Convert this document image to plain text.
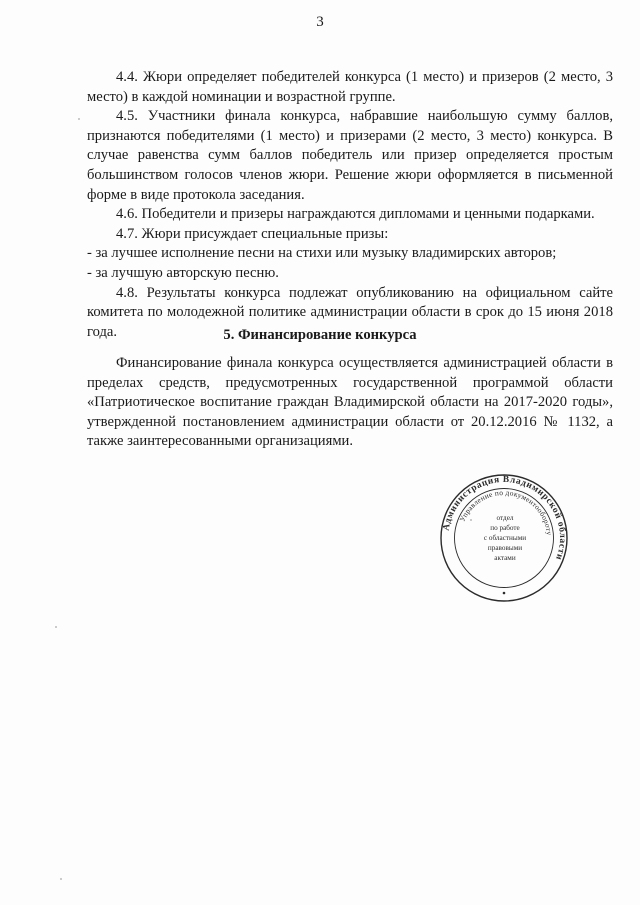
3

4.4. Жюри определяет победителей конкурса (1 место) и призеров (2 место, 3 место) в каждой номинации и возрастной группе.

4.5. Участники финала конкурса, набравшие наибольшую сумму баллов, признаются победителями (1 место) и призерами (2 место, 3 место) конкурса. В случае равенства сумм баллов победитель или призер определяется простым большинством голосов членов жюри. Решение жюри оформляется в письменной форме в виде протокола заседания.

4.6. Победители и призеры награждаются дипломами и ценными подарками.

4.7. Жюри присуждает специальные призы:

- за лучшее исполнение песни на стихи или музыку владимирских авторов;

- за лучшую авторскую песню.

4.8. Результаты конкурса подлежат опубликованию на официальном сайте комитета по молодежной политике администрации области в срок до 15 июня 2018 года.	5. Финансирование конкурса

Финансирование финала конкурса осуществляется администрацией области в пределах средств, предусмотренных государственной программой области «Патриотическое воспитание граждан Владимирской области на 2017-2020 годы», утвержденной постановлением администрации области от 20.12.2016 № 1132, а также заинтересованными организациями.

Администрация Владимирской области
Управление по документообороту
отдел
по работе
с областными
правовыми
актами
